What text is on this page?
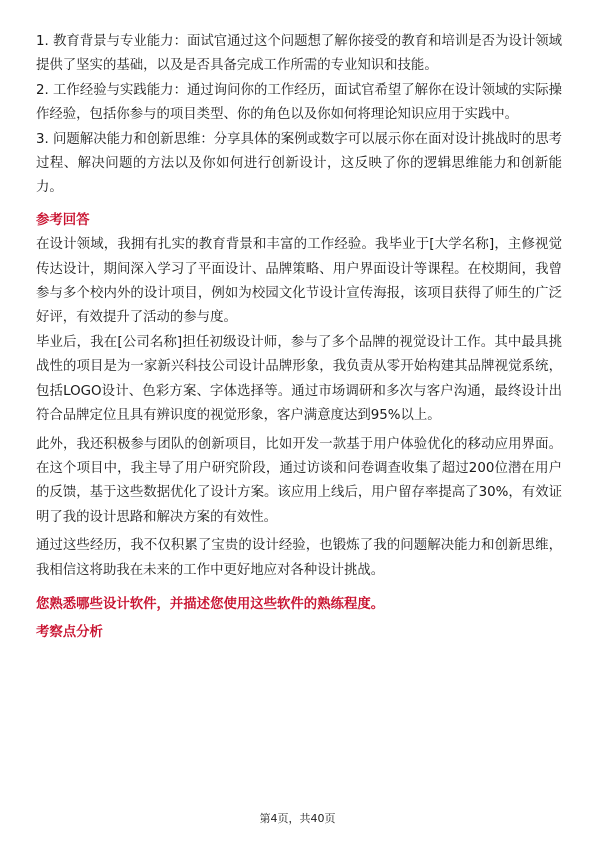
1. 教育背景与专业能力：面试官通过这个问题想了解你接受的教育和培训是否为设计领域提供了坚实的基础，以及是否具备完成工作所需的专业知识和技能。

2. 工作经验与实践能力：通过询问你的工作经历，面试官希望了解你在设计领域的实际操作经验，包括你参与的项目类型、你的角色以及你如何将理论知识应用于实践中。

3. 问题解决能力和创新思维：分享具体的案例或数字可以展示你在面对设计挑战时的思考过程、解决问题的方法以及你如何进行创新设计，这反映了你的逻辑思维能力和创新能力。

参考回答

在设计领域，我拥有扎实的教育背景和丰富的工作经验。我毕业于[大学名称]，主修视觉传达设计，期间深入学习了平面设计、品牌策略、用户界面设计等课程。在校期间，我曾参与多个校内外的设计项目，例如为校园文化节设计宣传海报，该项目获得了师生的广泛好评，有效提升了活动的参与度。

毕业后，我在[公司名称]担任初级设计师，参与了多个品牌的视觉设计工作。其中最具挑战性的项目是为一家新兴科技公司设计品牌形象，我负责从零开始构建其品牌视觉系统，包括LOGO设计、色彩方案、字体选择等。通过市场调研和多次与客户沟通，最终设计出符合品牌定位且具有辨识度的视觉形象，客户满意度达到95%以上。

此外，我还积极参与团队的创新项目，比如开发一款基于用户体验优化的移动应用界面。在这个项目中，我主导了用户研究阶段，通过访谈和问卷调查收集了超过200位潜在用户的反馈，基于这些数据优化了设计方案。该应用上线后，用户留存率提高了30%，有效证明了我的设计思路和解决方案的有效性。

通过这些经历，我不仅积累了宝贵的设计经验，也锻炼了我的问题解决能力和创新思维，我相信这将助我在未来的工作中更好地应对各种设计挑战。

您熟悉哪些设计软件，并描述您使用这些软件的熟练程度。

考察点分析

第4页，共40页
